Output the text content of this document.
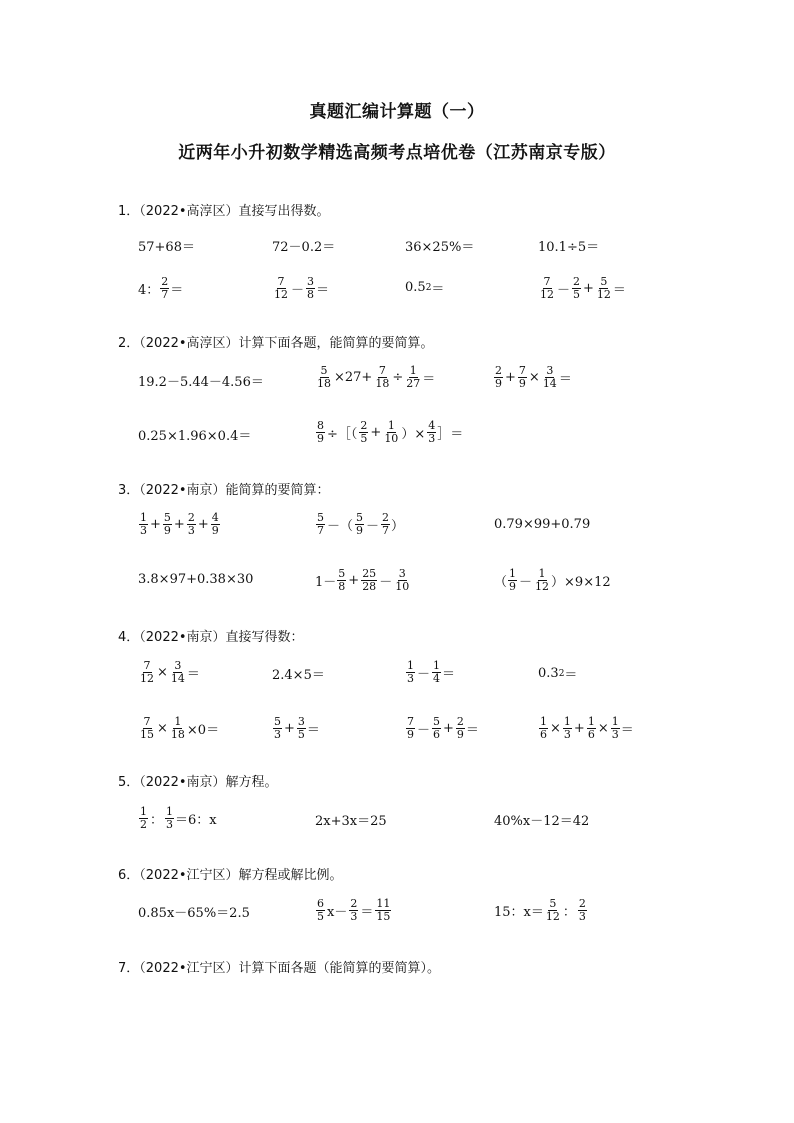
真题汇编计算题（一）
近两年小升初数学精选高频考点培优卷（江苏南京专版）
1．（2022•高淳区）直接写出得数。
57+68＝	72－0.2＝	36×25%＝	10.1÷5＝
4： $\frac{2}{7}$ ＝	$\frac{7}{12} - \frac{3}{8}$ ＝	0.5 2 ＝	$\frac{7}{12} - \frac{2}{5} + \frac{5}{12}$ ＝
2．（2022•高淳区）计算下面各题，能简算的要简算。
19.2－5.44－4.56＝	$\frac{5}{18} \times 27+ \frac{7}{18} \div \frac{1}{27}$ ＝	$\frac{2}{9} + \frac{7}{9} \times \frac{3}{14}$ ＝
0.25×1.96×0.4＝	$\frac{8}{9}$ ÷［（ $\frac{2}{5} + \frac{1}{10}$ ）× $\frac{4}{3}$ ］＝
3．（2022•南京）能简算的要简算：
$\frac{1}{3} + \frac{5}{9} + \frac{2}{3} + \frac{4}{9}$	$\frac{5}{7}$ －（ $\frac{5}{9} - \frac{2}{7}$ ）	0.79×99+0.79
3.8×97+0.38×30	$1- \frac{5}{8} + \frac{25}{28} - \frac{3}{10}$	（ $\frac{1}{9} - \frac{1}{12} )\times 9\times 12$
4．（2022•南京）直接写得数：
$\frac{7}{12} \times \frac{3}{14}$ ＝	2.4×5＝	$\frac{1}{3} - \frac{1}{4}$ ＝	0.3 2 ＝
$\frac{7}{15} \times \frac{1}{18} \times 0=$	$\frac{5}{3} + \frac{3}{5}$ ＝	$\frac{7}{9} - \frac{5}{6} + \frac{2}{9}$ ＝	$\frac{1}{6} \times \frac{1}{3} + \frac{1}{6} \times \frac{1}{3}$ ＝
5．（2022•南京）解方程。
$\frac{1}{2}$ ： $\frac{1}{3} =6$：x	2x+3x＝25	40%x－12＝42
6．（2022•江宁区）解方程或解比例。
0.85x－65%＝2.5	$\frac{6}{5} x- \frac{2}{3} = \frac{11}{15}$	15：$x= \frac{5}{12}$ ： $\frac{2}{3}$
7．（2022•江宁区）计算下面各题（能简算的要简算）。
